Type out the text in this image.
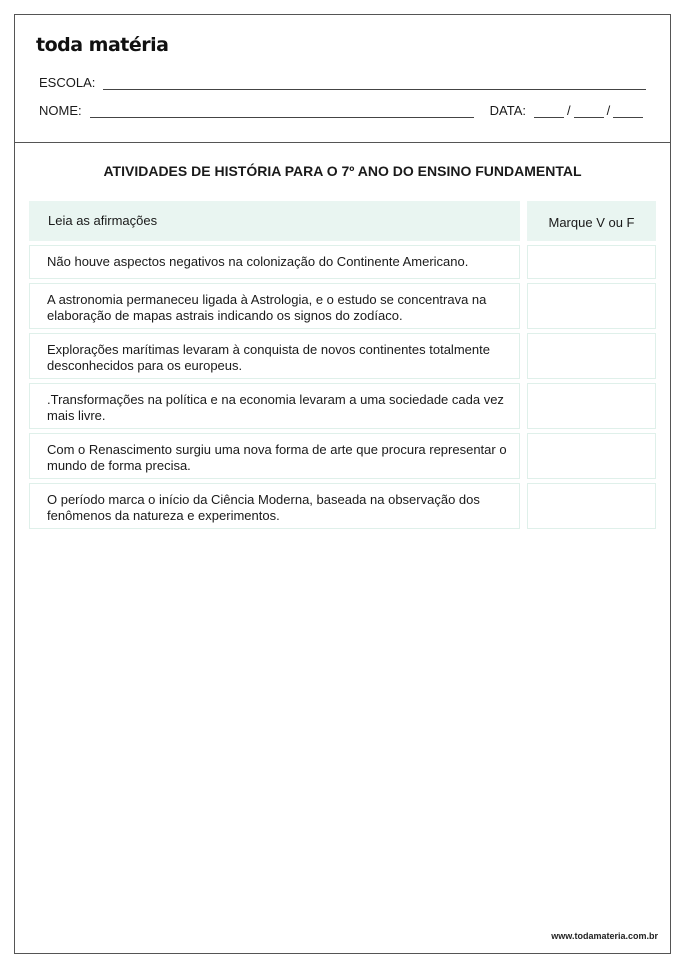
toda matéria
ESCOLA:
NOME:	DATA:	/	/
ATIVIDADES DE HISTÓRIA PARA O 7º ANO DO ENSINO FUNDAMENTAL
Leia as afirmações	Marque V ou F
Não houve aspectos negativos na colonização do Continente Americano.
A astronomia permaneceu ligada à Astrologia, e o estudo se concentrava na elaboração de mapas astrais indicando os signos do zodíaco.
Explorações marítimas levaram à conquista de novos continentes totalmente desconhecidos para os europeus.
.Transformações na política e na economia levaram a uma sociedade cada vez mais livre.
Com o Renascimento surgiu uma nova forma de arte que procura representar o mundo de forma precisa.
O período marca o início da Ciência Moderna, baseada na observação dos fenômenos da natureza e experimentos.
www.todamateria.com.br
